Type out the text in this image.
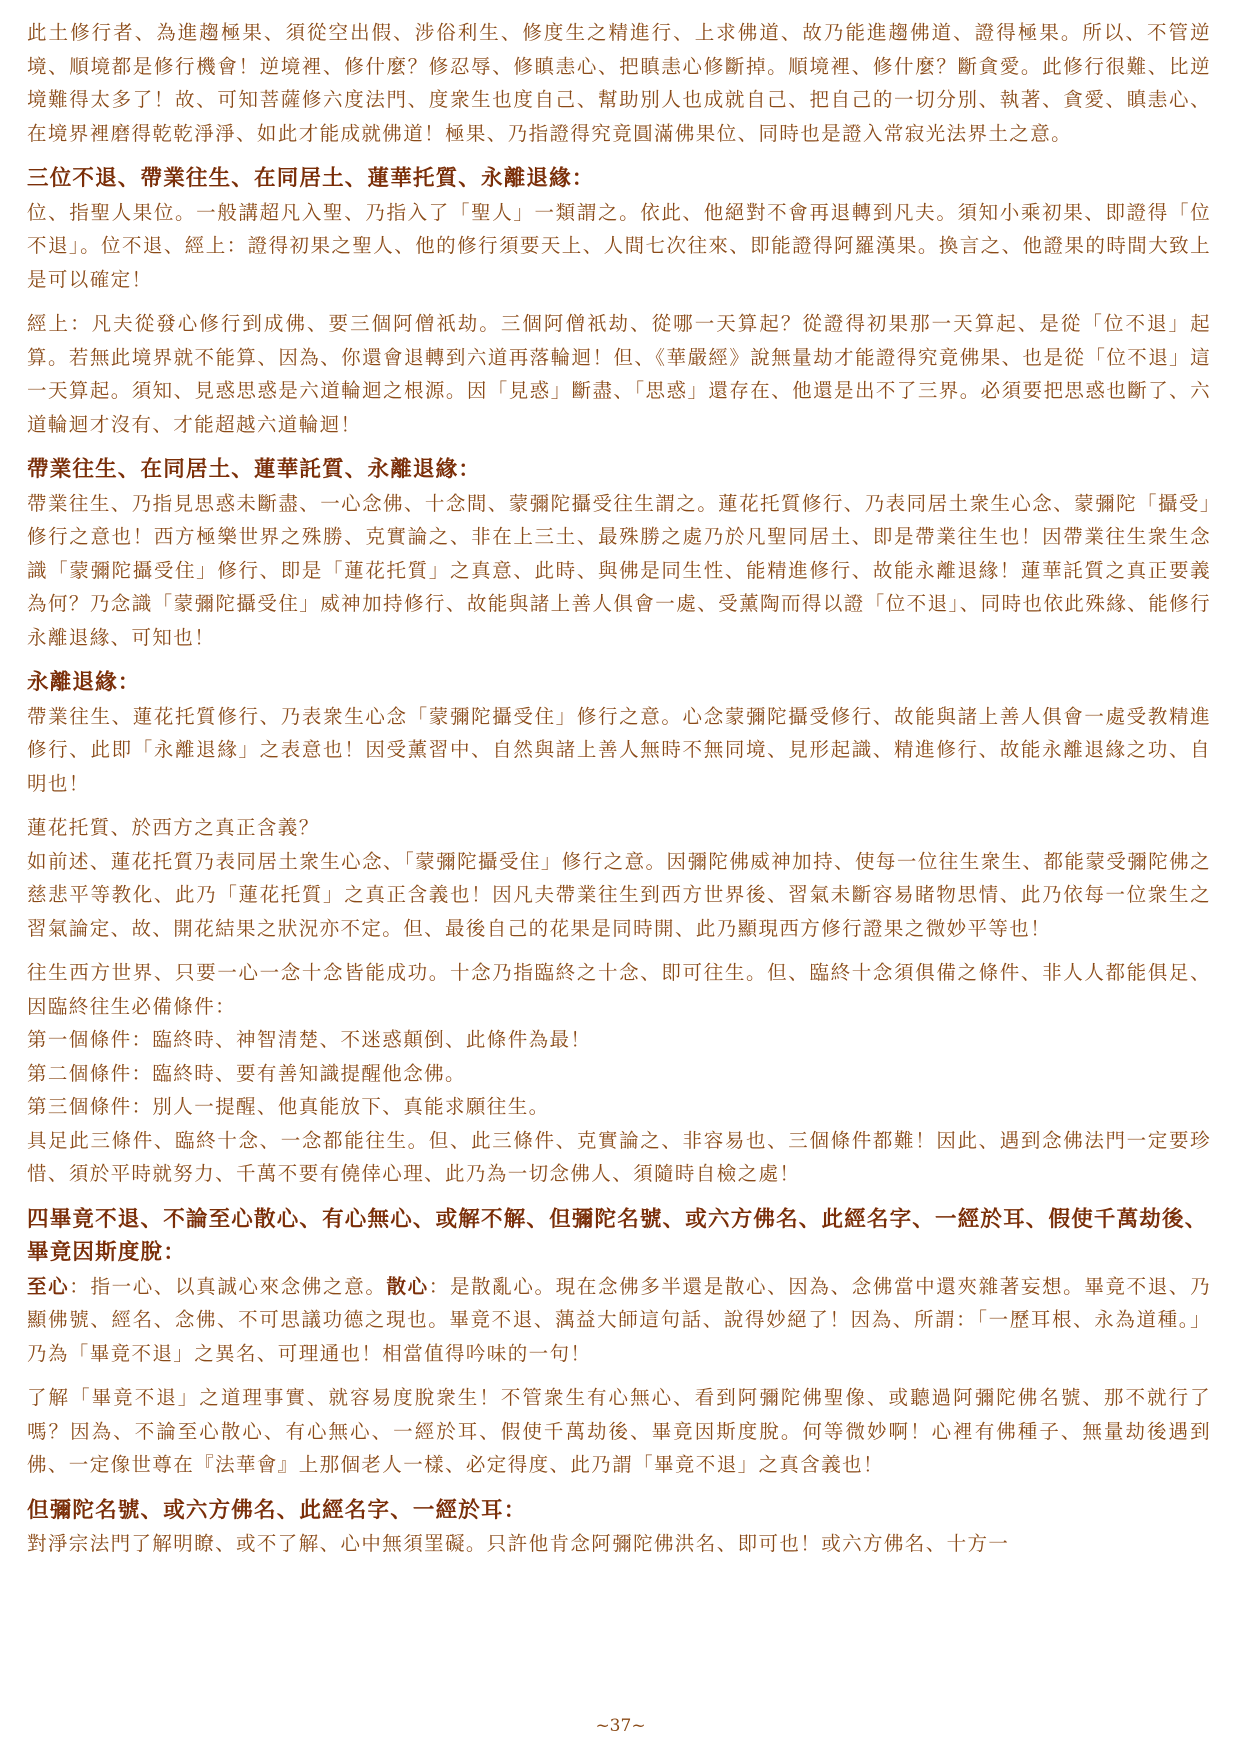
此土修行者、為進趨極果、須從空出假、涉俗利生、修度生之精進行、上求佛道、故乃能進趨佛道、證得極果。所以、不管逆境、順境都是修行機會！逆境裡、修什麼？修忍辱、修瞋恚心、把瞋恚心修斷掉。順境裡、修什麼？斷貪愛。此修行很難、比逆境難得太多了！故、可知菩薩修六度法門、度衆生也度自己、幫助別人也成就自己、把自己的一切分別、執著、貪愛、瞋恚心、在境界裡磨得乾乾淨淨、如此才能成就佛道！極果、乃指證得究竟圓滿佛果位、同時也是證入常寂光法界土之意。

三位不退、帶業往生、在同居土、蓮華托質、永離退緣：

位、指聖人果位。一般講超凡入聖、乃指入了「聖人」一類謂之。依此、他絕對不會再退轉到凡夫。須知小乘初果、即證得「位不退」。位不退、經上：證得初果之聖人、他的修行須要天上、人間七次往來、即能證得阿羅漢果。換言之、他證果的時間大致上是可以確定！

經上：凡夫從發心修行到成佛、要三個阿僧祇劫。三個阿僧祇劫、從哪一天算起？從證得初果那一天算起、是從「位不退」起算。若無此境界就不能算、因為、你還會退轉到六道再落輪迴！但、《華嚴經》說無量劫才能證得究竟佛果、也是從「位不退」這一天算起。須知、見惑思惑是六道輪迴之根源。因「見惑」斷盡、「思惑」還存在、他還是出不了三界。必須要把思惑也斷了、六道輪迴才沒有、才能超越六道輪迴！

帶業往生、在同居土、蓮華託質、永離退緣：

帶業往生、乃指見思惑未斷盡、一心念佛、十念間、蒙彌陀攝受往生謂之。蓮花托質修行、乃表同居土衆生心念、蒙彌陀「攝受」修行之意也！西方極樂世界之殊勝、克實論之、非在上三土、最殊勝之處乃於凡聖同居土、即是帶業往生也！因帶業往生衆生念識「蒙彌陀攝受住」修行、即是「蓮花托質」之真意、此時、與佛是同生性、能精進修行、故能永離退緣！蓮華託質之真正要義為何？乃念識「蒙彌陀攝受住」威神加持修行、故能與諸上善人俱會一處、受薰陶而得以證「位不退」、同時也依此殊緣、能修行永離退緣、可知也！

永離退緣：

帶業往生、蓮花托質修行、乃表衆生心念「蒙彌陀攝受住」修行之意。心念蒙彌陀攝受修行、故能與諸上善人俱會一處受教精進修行、此即「永離退緣」之表意也！因受薰習中、自然與諸上善人無時不無同境、見形起識、精進修行、故能永離退緣之功、自明也！

蓮花托質、於西方之真正含義？

如前述、蓮花托質乃表同居土衆生心念、「蒙彌陀攝受住」修行之意。因彌陀佛威神加持、使每一位往生衆生、都能蒙受彌陀佛之慈悲平等教化、此乃「蓮花托質」之真正含義也！因凡夫帶業往生到西方世界後、習氣未斷容易睹物思情、此乃依每一位衆生之習氣論定、故、開花結果之狀況亦不定。但、最後自己的花果是同時開、此乃顯現西方修行證果之微妙平等也！

往生西方世界、只要一心一念十念皆能成功。十念乃指臨終之十念、即可往生。但、臨終十念須俱備之條件、非人人都能俱足、因臨終往生必備條件：

第一個條件：臨終時、神智清楚、不迷惑顛倒、此條件為最！

第二個條件：臨終時、要有善知識提醒他念佛。

第三個條件：別人一提醒、他真能放下、真能求願往生。

具足此三條件、臨終十念、一念都能往生。但、此三條件、克實論之、非容易也、三個條件都難！因此、遇到念佛法門一定要珍惜、須於平時就努力、千萬不要有僥倖心理、此乃為一切念佛人、須隨時自檢之處！

四畢竟不退、不論至心散心、有心無心、或解不解、但彌陀名號、或六方佛名、此經名字、一經於耳、假使千萬劫後、畢竟因斯度脫：

至心：指一心、以真誠心來念佛之意。散心：是散亂心。現在念佛多半還是散心、因為、念佛當中還夾雜著妄想。畢竟不退、乃顯佛號、經名、念佛、不可思議功德之現也。畢竟不退、蕅益大師這句話、說得妙絕了！因為、所謂：「一歷耳根、永為道種。」乃為「畢竟不退」之異名、可理通也！相當值得吟味的一句！

了解「畢竟不退」之道理事實、就容易度脫衆生！不管衆生有心無心、看到阿彌陀佛聖像、或聽過阿彌陀佛名號、那不就行了嗎？因為、不論至心散心、有心無心、一經於耳、假使千萬劫後、畢竟因斯度脫。何等微妙啊！心裡有佛種子、無量劫後遇到佛、一定像世尊在『法華會』上那個老人一樣、必定得度、此乃謂「畢竟不退」之真含義也！

但彌陀名號、或六方佛名、此經名字、一經於耳：

對淨宗法門了解明瞭、或不了解、心中無須罣礙。只許他肯念阿彌陀佛洪名、即可也！或六方佛名、十方一

~37~
